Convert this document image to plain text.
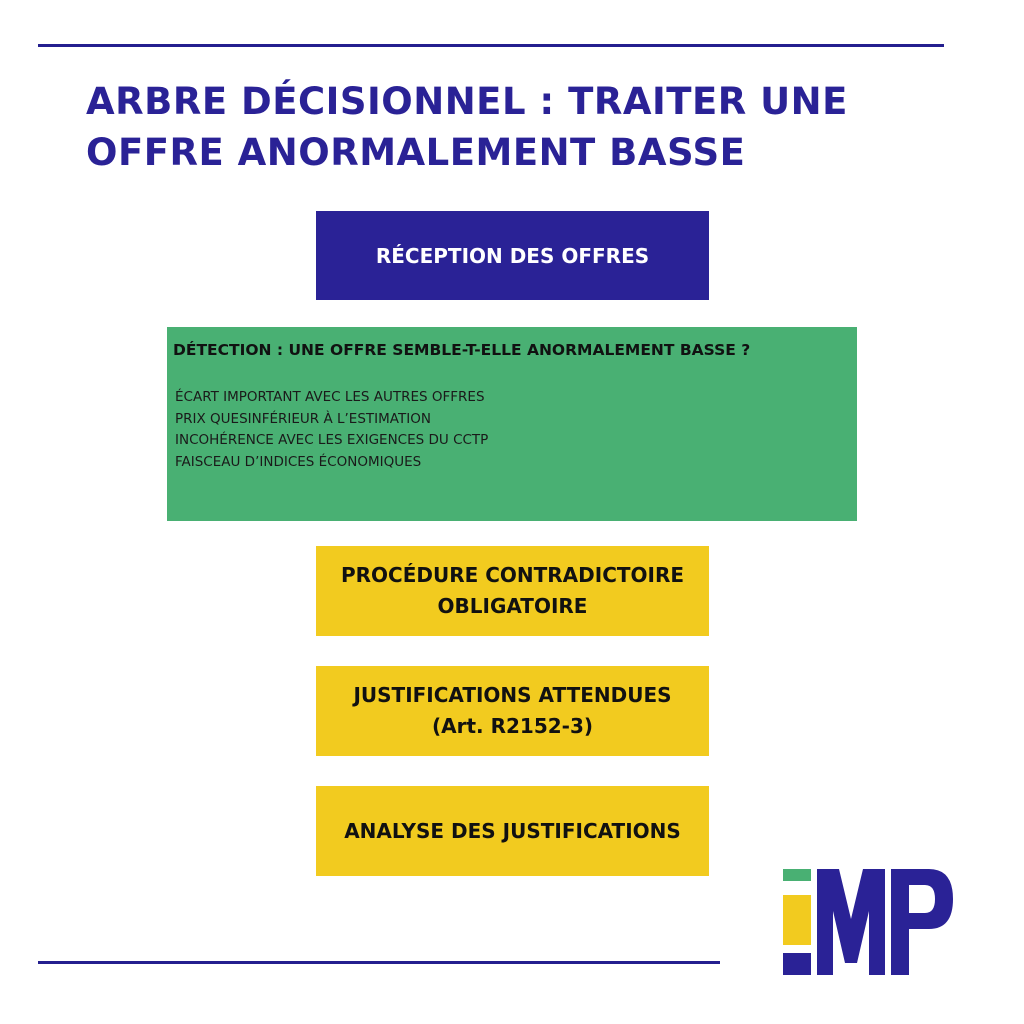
ARBRE DÉCISIONNEL : TRAITER UNE
OFFRE ANORMALEMENT BASSE
RÉCEPTION DES OFFRES

DÉTECTION : UNE OFFRE SEMBLE-T-ELLE ANORMALEMENT BASSE ?

ÉCART IMPORTANT AVEC LES AUTRES OFFRES
PRIX QUESINFÉRIEUR À L’ESTIMATION
INCOHÉRENCE AVEC LES EXIGENCES DU CCTP
FAISCEAU D’INDICES ÉCONOMIQUES
PROCÉDURE CONTRADICTOIRE
OBLIGATOIRE
JUSTIFICATIONS ATTENDUES
(Art. R2152-3)
ANALYSE DES JUSTIFICATIONS
